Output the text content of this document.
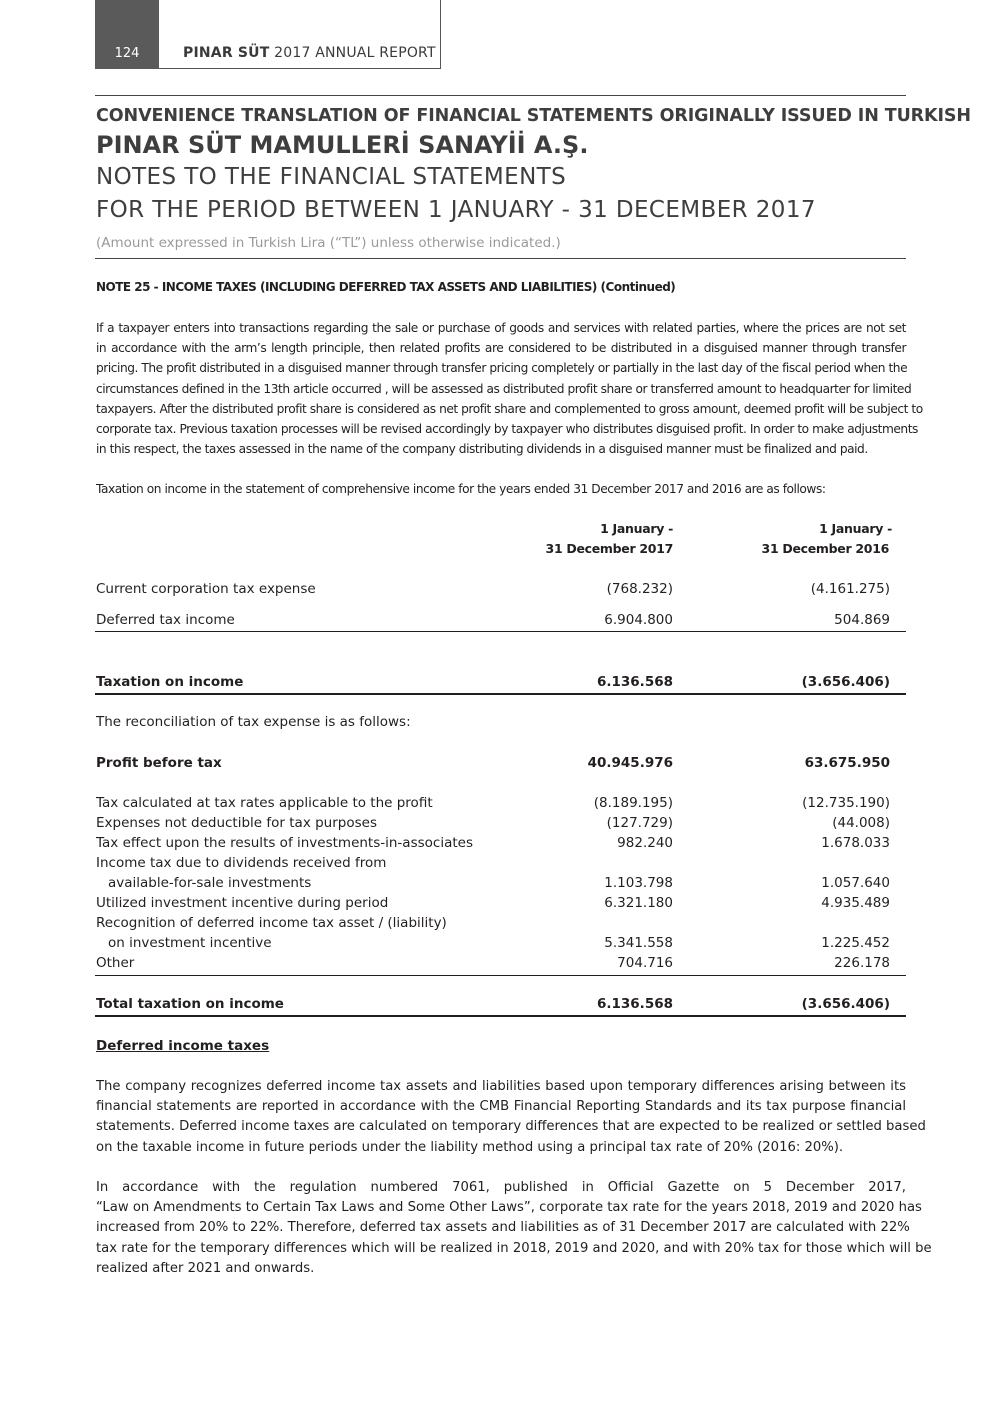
124	PINAR SÜT 2017 ANNUAL REPORT
CONVENIENCE TRANSLATION OF FINANCIAL STATEMENTS ORIGINALLY ISSUED IN TURKISH
PINAR SÜT MAMULLERİ SANAYİİ A.Ş.
NOTES TO THE FINANCIAL STATEMENTS
FOR THE PERIOD BETWEEN 1 JANUARY - 31 DECEMBER 2017
(Amount expressed in Turkish Lira (“TL”) unless otherwise indicated.)
NOTE 25 - INCOME TAXES (INCLUDING DEFERRED TAX ASSETS AND LIABILITIES) (Continued)
If a taxpayer enters into transactions regarding the sale or purchase of goods and services with related parties, where the prices are not set
in accordance with the arm’s length principle, then related profits are considered to be distributed in a disguised manner through transfer
pricing. The profit distributed in a disguised manner through transfer pricing completely or partially in the last day of the fiscal period when the
circumstances defined in the 13th article occurred , will be assessed as distributed profit share or transferred amount to headquarter for limited
taxpayers. After the distributed profit share is considered as net profit share and complemented to gross amount, deemed profit will be subject to
corporate tax. Previous taxation processes will be revised accordingly by taxpayer who distributes disguised profit. In order to make adjustments
in this respect, the taxes assessed in the name of the company distributing dividends in a disguised manner must be finalized and paid.
Taxation on income in the statement of comprehensive income for the years ended 31 December 2017 and 2016 are as follows:
1 January -
31 December 2017
1 January -
31 December 2016
Current corporation tax expense	(768.232)	(4.161.275)
Deferred tax income	6.904.800	504.869
Taxation on income	6.136.568	(3.656.406)
The reconciliation of tax expense is as follows:
Profit before tax	40.945.976	63.675.950
Tax calculated at tax rates applicable to the profit	(8.189.195)	(12.735.190)
Expenses not deductible for tax purposes	(127.729)	(44.008)
Tax effect upon the results of investments-in-associates	982.240	1.678.033
Income tax due to dividends received from
available-for-sale investments	1.103.798	1.057.640
Utilized investment incentive during period	6.321.180	4.935.489
Recognition of deferred income tax asset / (liability)
on investment incentive	5.341.558	1.225.452
Other	704.716	226.178
Total taxation on income	6.136.568	(3.656.406)
Deferred income taxes
The company recognizes deferred income tax assets and liabilities based upon temporary differences arising between its
financial statements are reported in accordance with the CMB Financial Reporting Standards and its tax purpose financial
statements. Deferred income taxes are calculated on temporary differences that are expected to be realized or settled based
on the taxable income in future periods under the liability method using a principal tax rate of 20% (2016: 20%).
In accordance with the regulation numbered 7061, published in Official Gazette on 5 December 2017,
“Law on Amendments to Certain Tax Laws and Some Other Laws”, corporate tax rate for the years 2018, 2019 and 2020 has
increased from 20% to 22%. Therefore, deferred tax assets and liabilities as of 31 December 2017 are calculated with 22%
tax rate for the temporary differences which will be realized in 2018, 2019 and 2020, and with 20% tax for those which will be
realized after 2021 and onwards.
